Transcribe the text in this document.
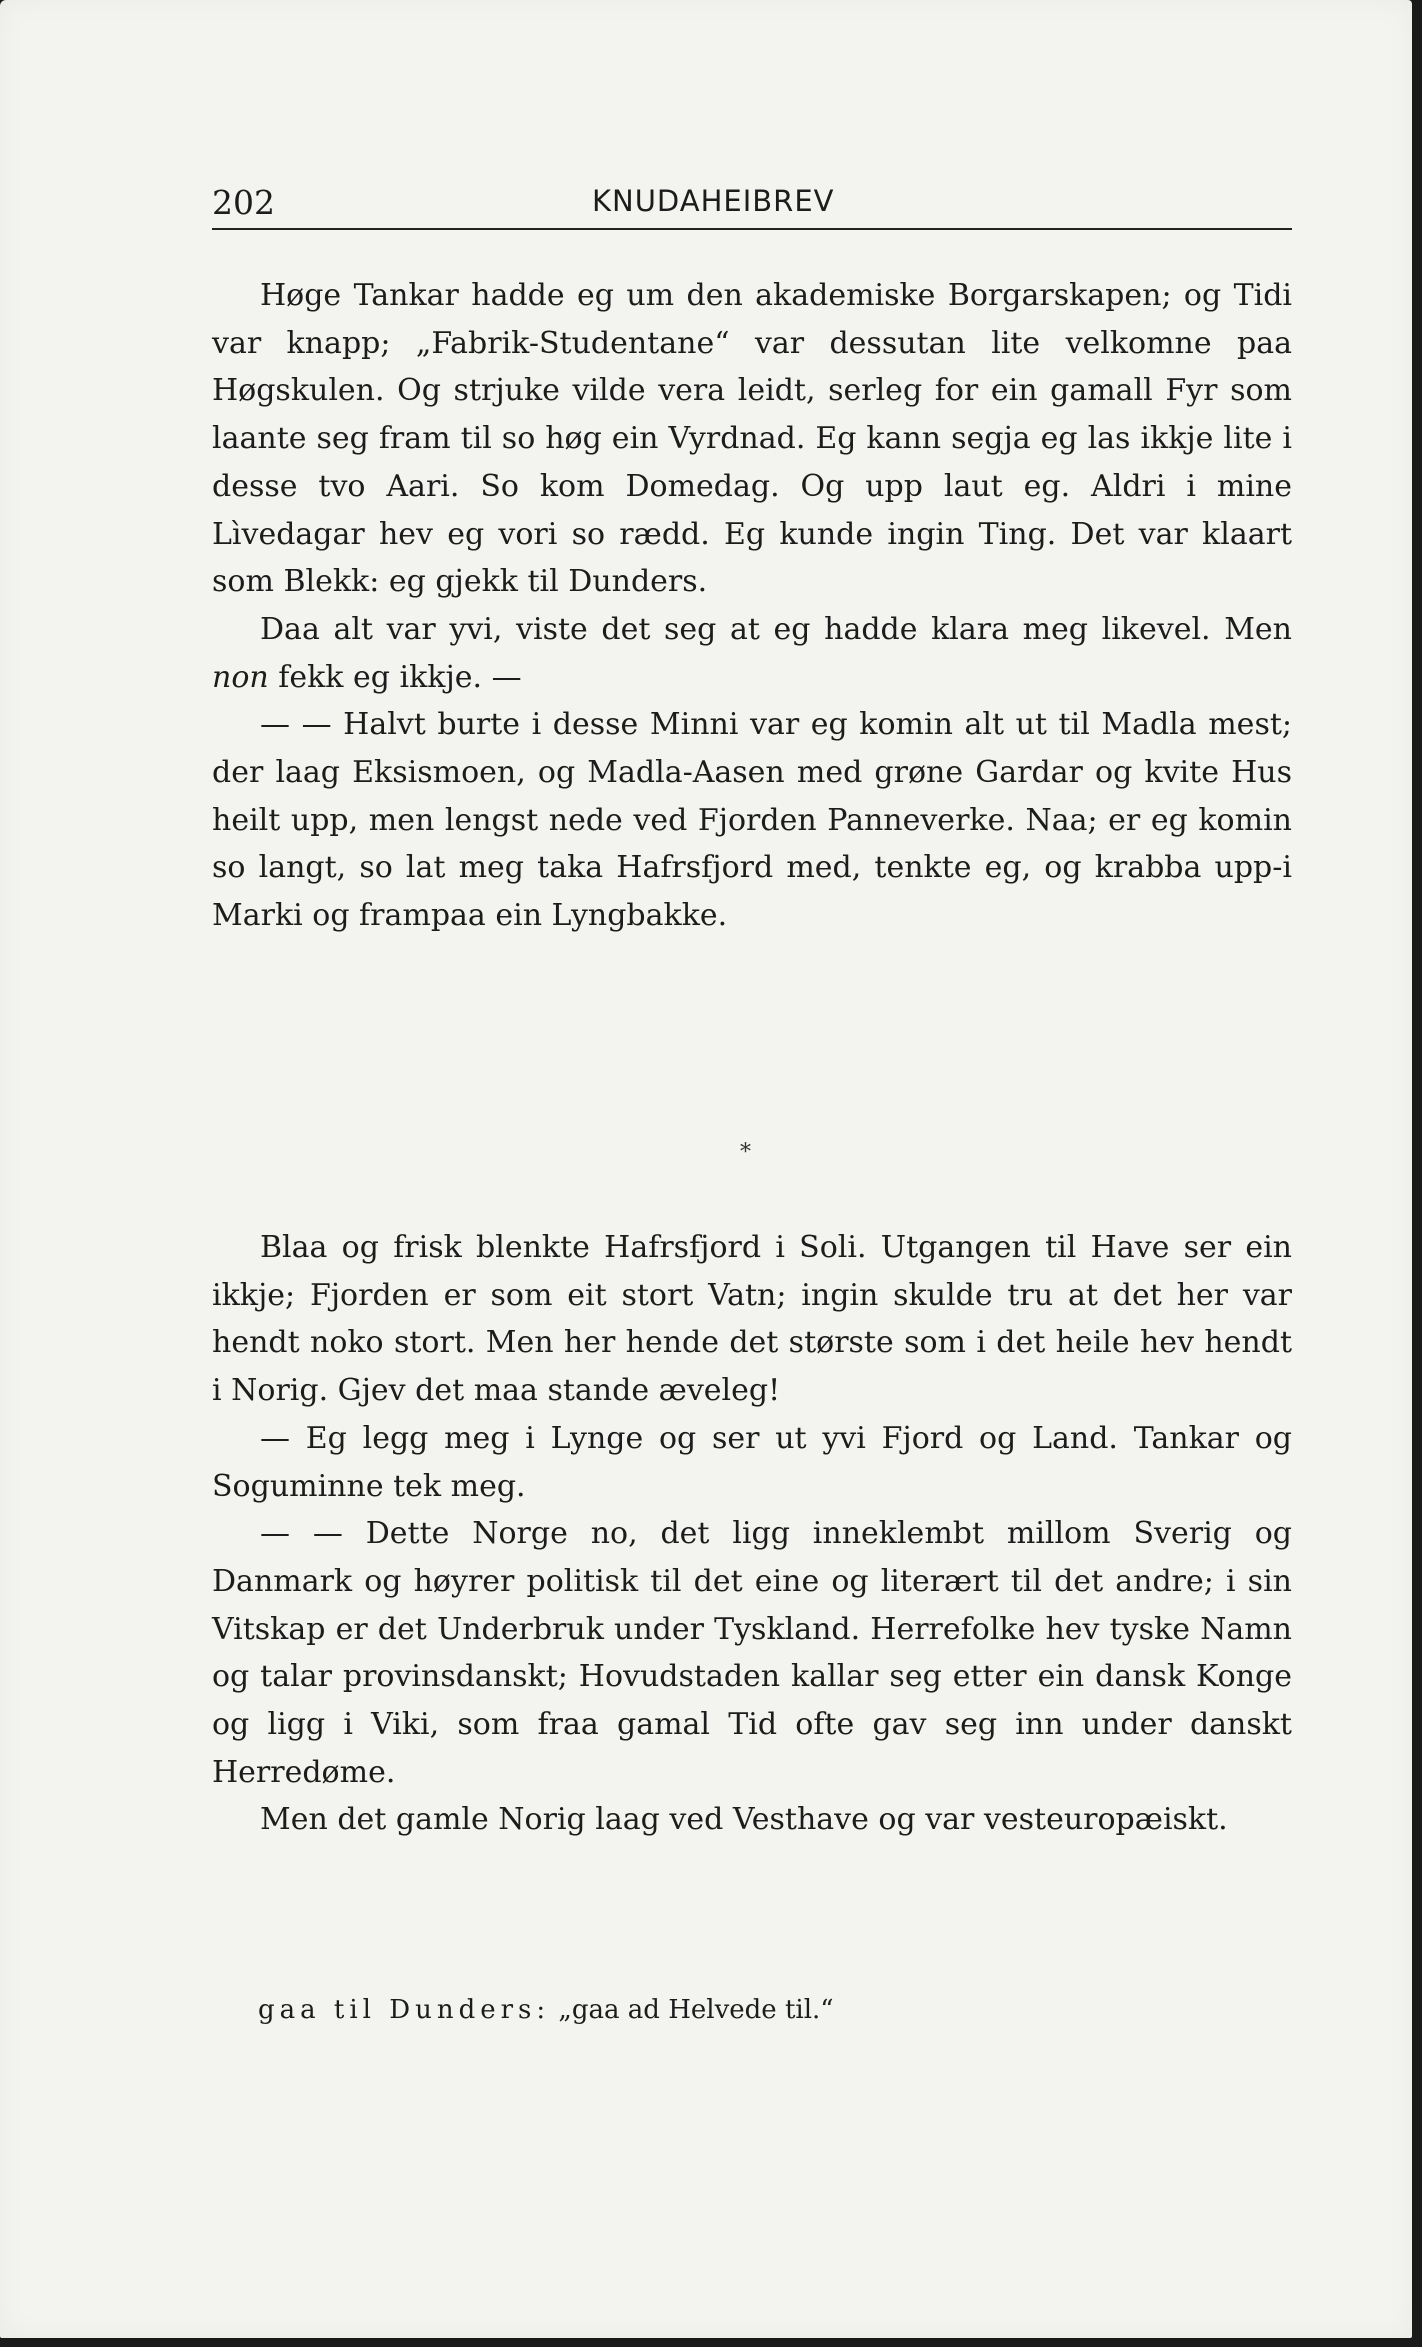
202	KNUDAHEIBREV

Høge Tankar hadde eg um den akademiske Borgarskapen; og Tidi var knapp; „Fabrik-Studentane“ var dessutan lite velkomne paa Høgskulen. Og strjuke vilde vera leidt, serleg for ein gamall Fyr som laante seg fram til so høg ein Vyrdnad. Eg kann segja eg las ikkje lite i desse tvo Aari. So kom Domedag. Og upp laut eg. Aldri i mine Lìvedagar hev eg vori so rædd. Eg kunde ingin Ting. Det var klaart som Blekk: eg gjekk til Dunders.

Daa alt var yvi, viste det seg at eg hadde klara meg likevel. Men non fekk eg ikkje. —

— — Halvt burte i desse Minni var eg komin alt ut til Madla mest; der laag Eksismoen, og Madla-Aasen med grøne Gardar og kvite Hus heilt upp, men lengst nede ved Fjorden Panneverke. Naa; er eg komin so langt, so lat meg taka Hafrsfjord med, tenkte eg, og krabba upp-i Marki og frampaa ein Lyngbakke.

*

Blaa og frisk blenkte Hafrsfjord i Soli. Utgangen til Have ser ein ikkje; Fjorden er som eit stort Vatn; ingin skulde tru at det her var hendt noko stort. Men her hende det største som i det heile hev hendt i Norig. Gjev det maa stande æveleg!

— Eg legg meg i Lynge og ser ut yvi Fjord og Land. Tankar og Soguminne tek meg.

— — Dette Norge no, det ligg inneklembt millom Sverig og Danmark og høyrer politisk til det eine og literært til det andre; i sin Vitskap er det Underbruk under Tyskland. Herrefolke hev tyske Namn og talar provinsdanskt; Hovudstaden kallar seg etter ein dansk Konge og ligg i Viki, som fraa gamal Tid ofte gav seg inn under danskt Herredøme.

Men det gamle Norig laag ved Vesthave og var vesteuropæiskt.

gaa til Dunders: „gaa ad Helvede til.“
